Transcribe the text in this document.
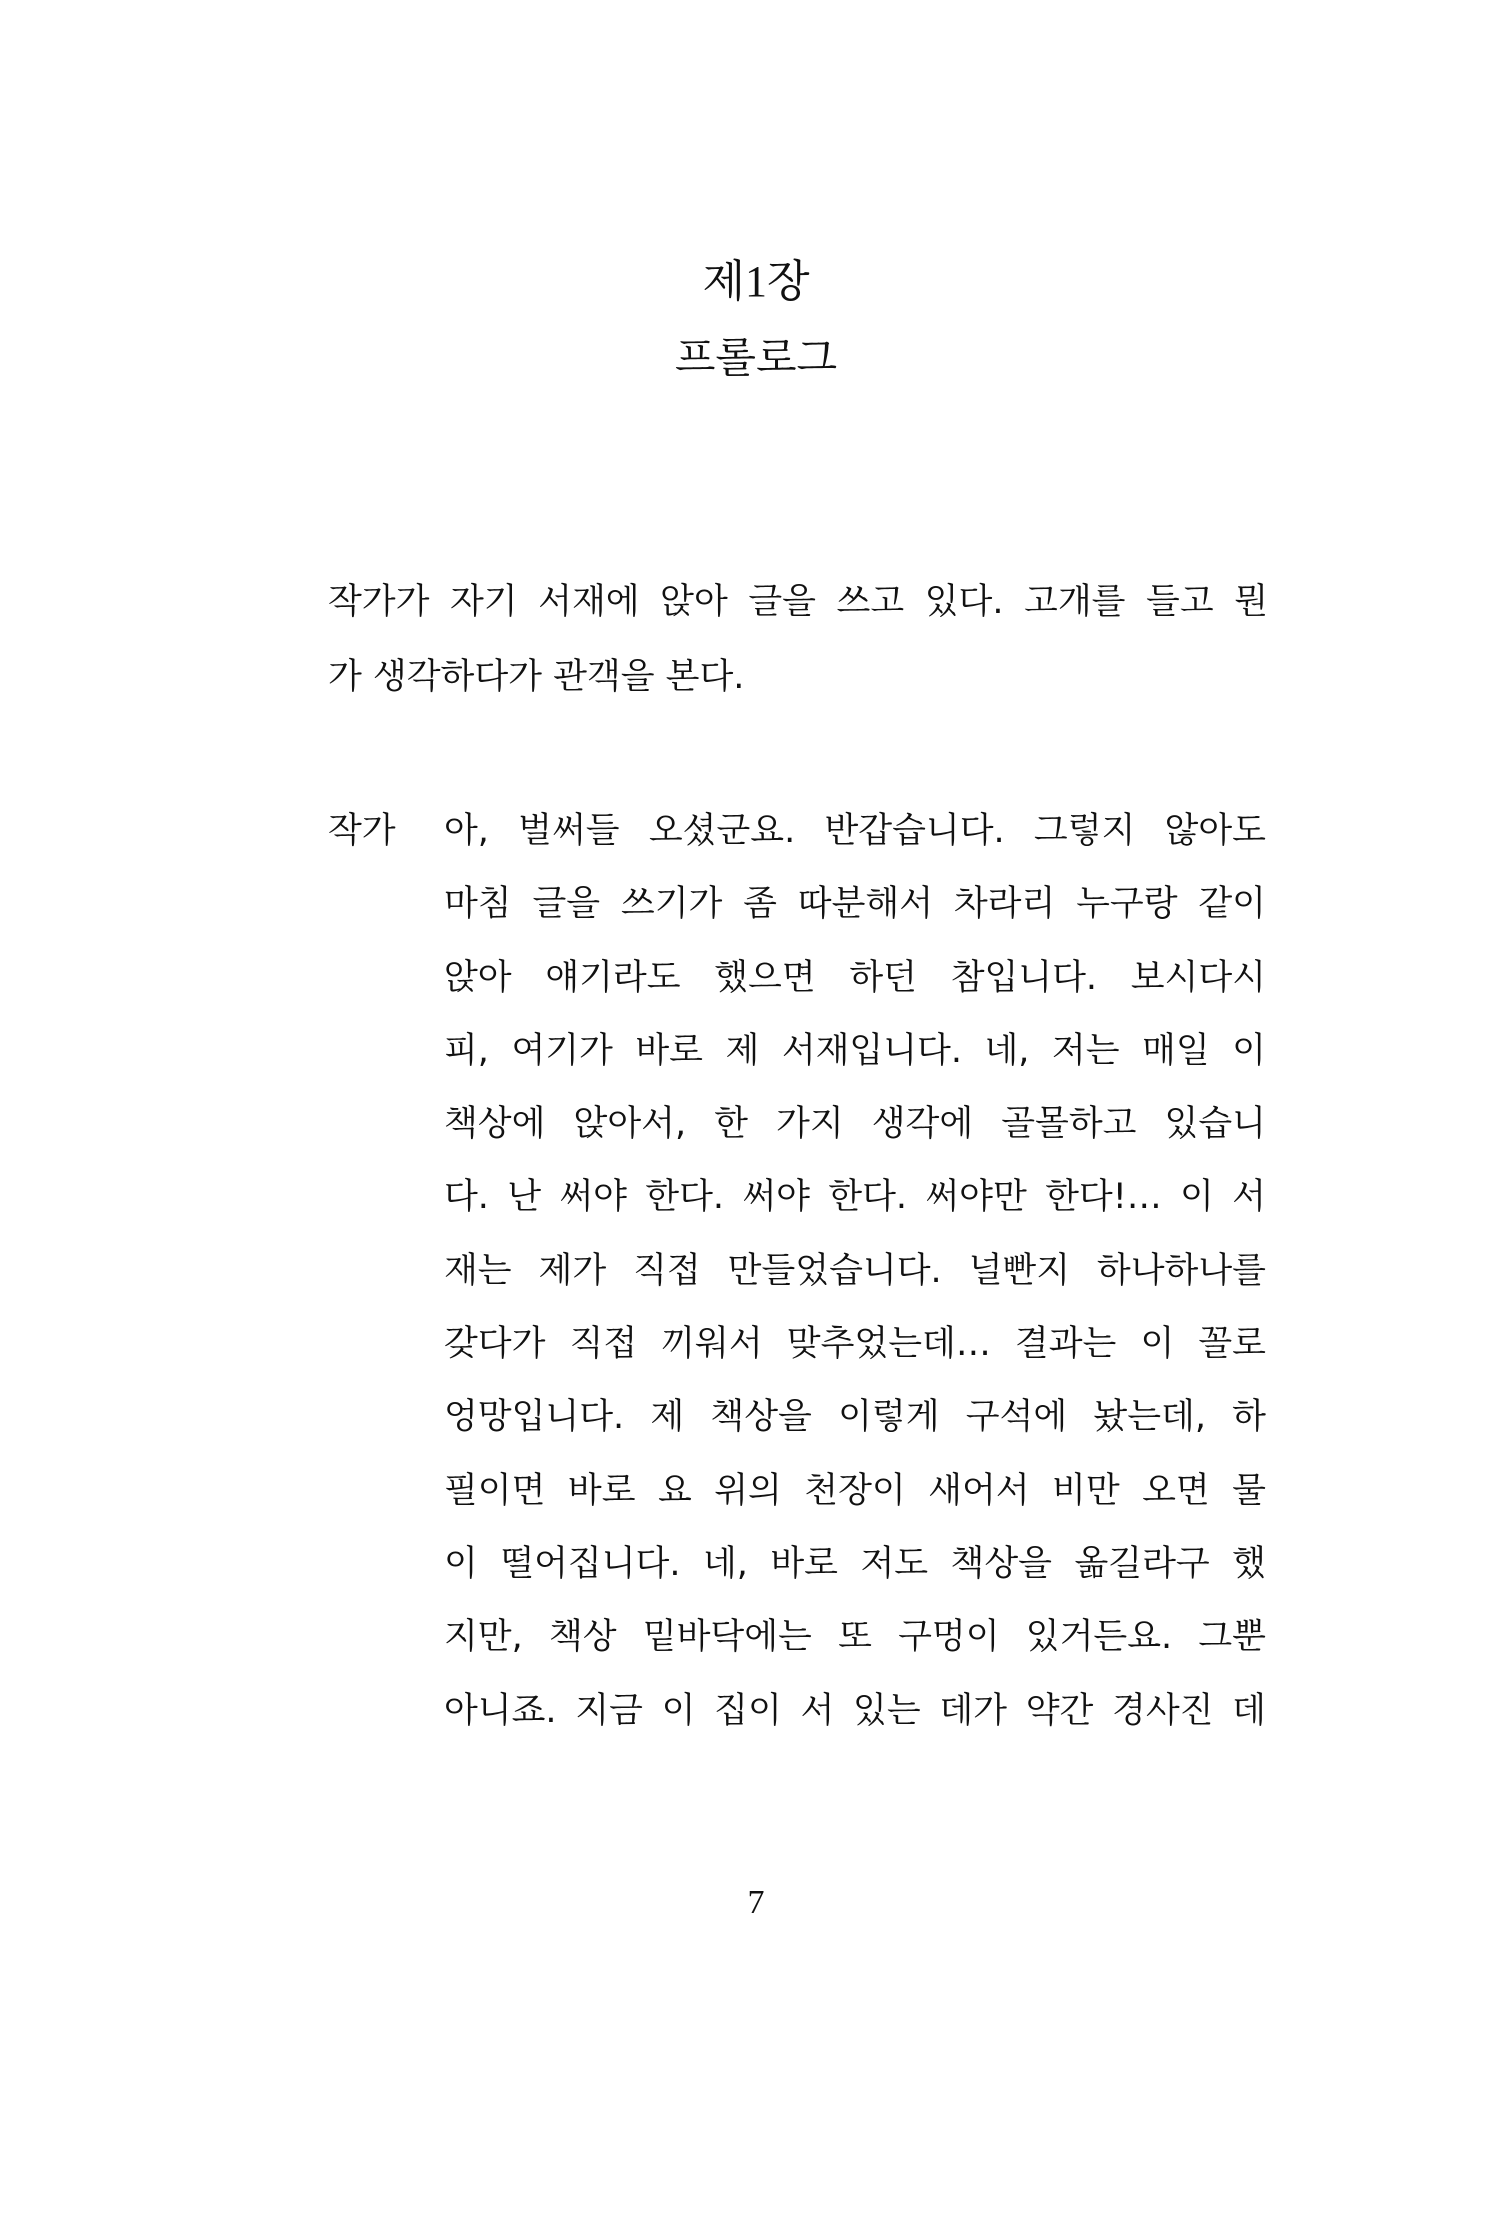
제1장
프롤로그
작가가 자기 서재에 앉아 글을 쓰고 있다. 고개를 들고 뭔
가 생각하다가 관객을 본다.
작가	아, 벌써들 오셨군요. 반갑습니다. 그렇지 않아도
마침 글을 쓰기가 좀 따분해서 차라리 누구랑 같이
앉아 얘기라도 했으면 하던 참입니다. 보시다시
피, 여기가 바로 제 서재입니다. 네, 저는 매일 이
책상에 앉아서, 한 가지 생각에 골몰하고 있습니
다. 난 써야 한다. 써야 한다. 써야만 한다!… 이 서
재는 제가 직접 만들었습니다. 널빤지 하나하나를
갖다가 직접 끼워서 맞추었는데… 결과는 이 꼴로
엉망입니다. 제 책상을 이렇게 구석에 놨는데, 하
필이면 바로 요 위의 천장이 새어서 비만 오면 물
이 떨어집니다. 네, 바로 저도 책상을 옮길라구 했
지만, 책상 밑바닥에는 또 구멍이 있거든요. 그뿐
아니죠. 지금 이 집이 서 있는 데가 약간 경사진 데
7
